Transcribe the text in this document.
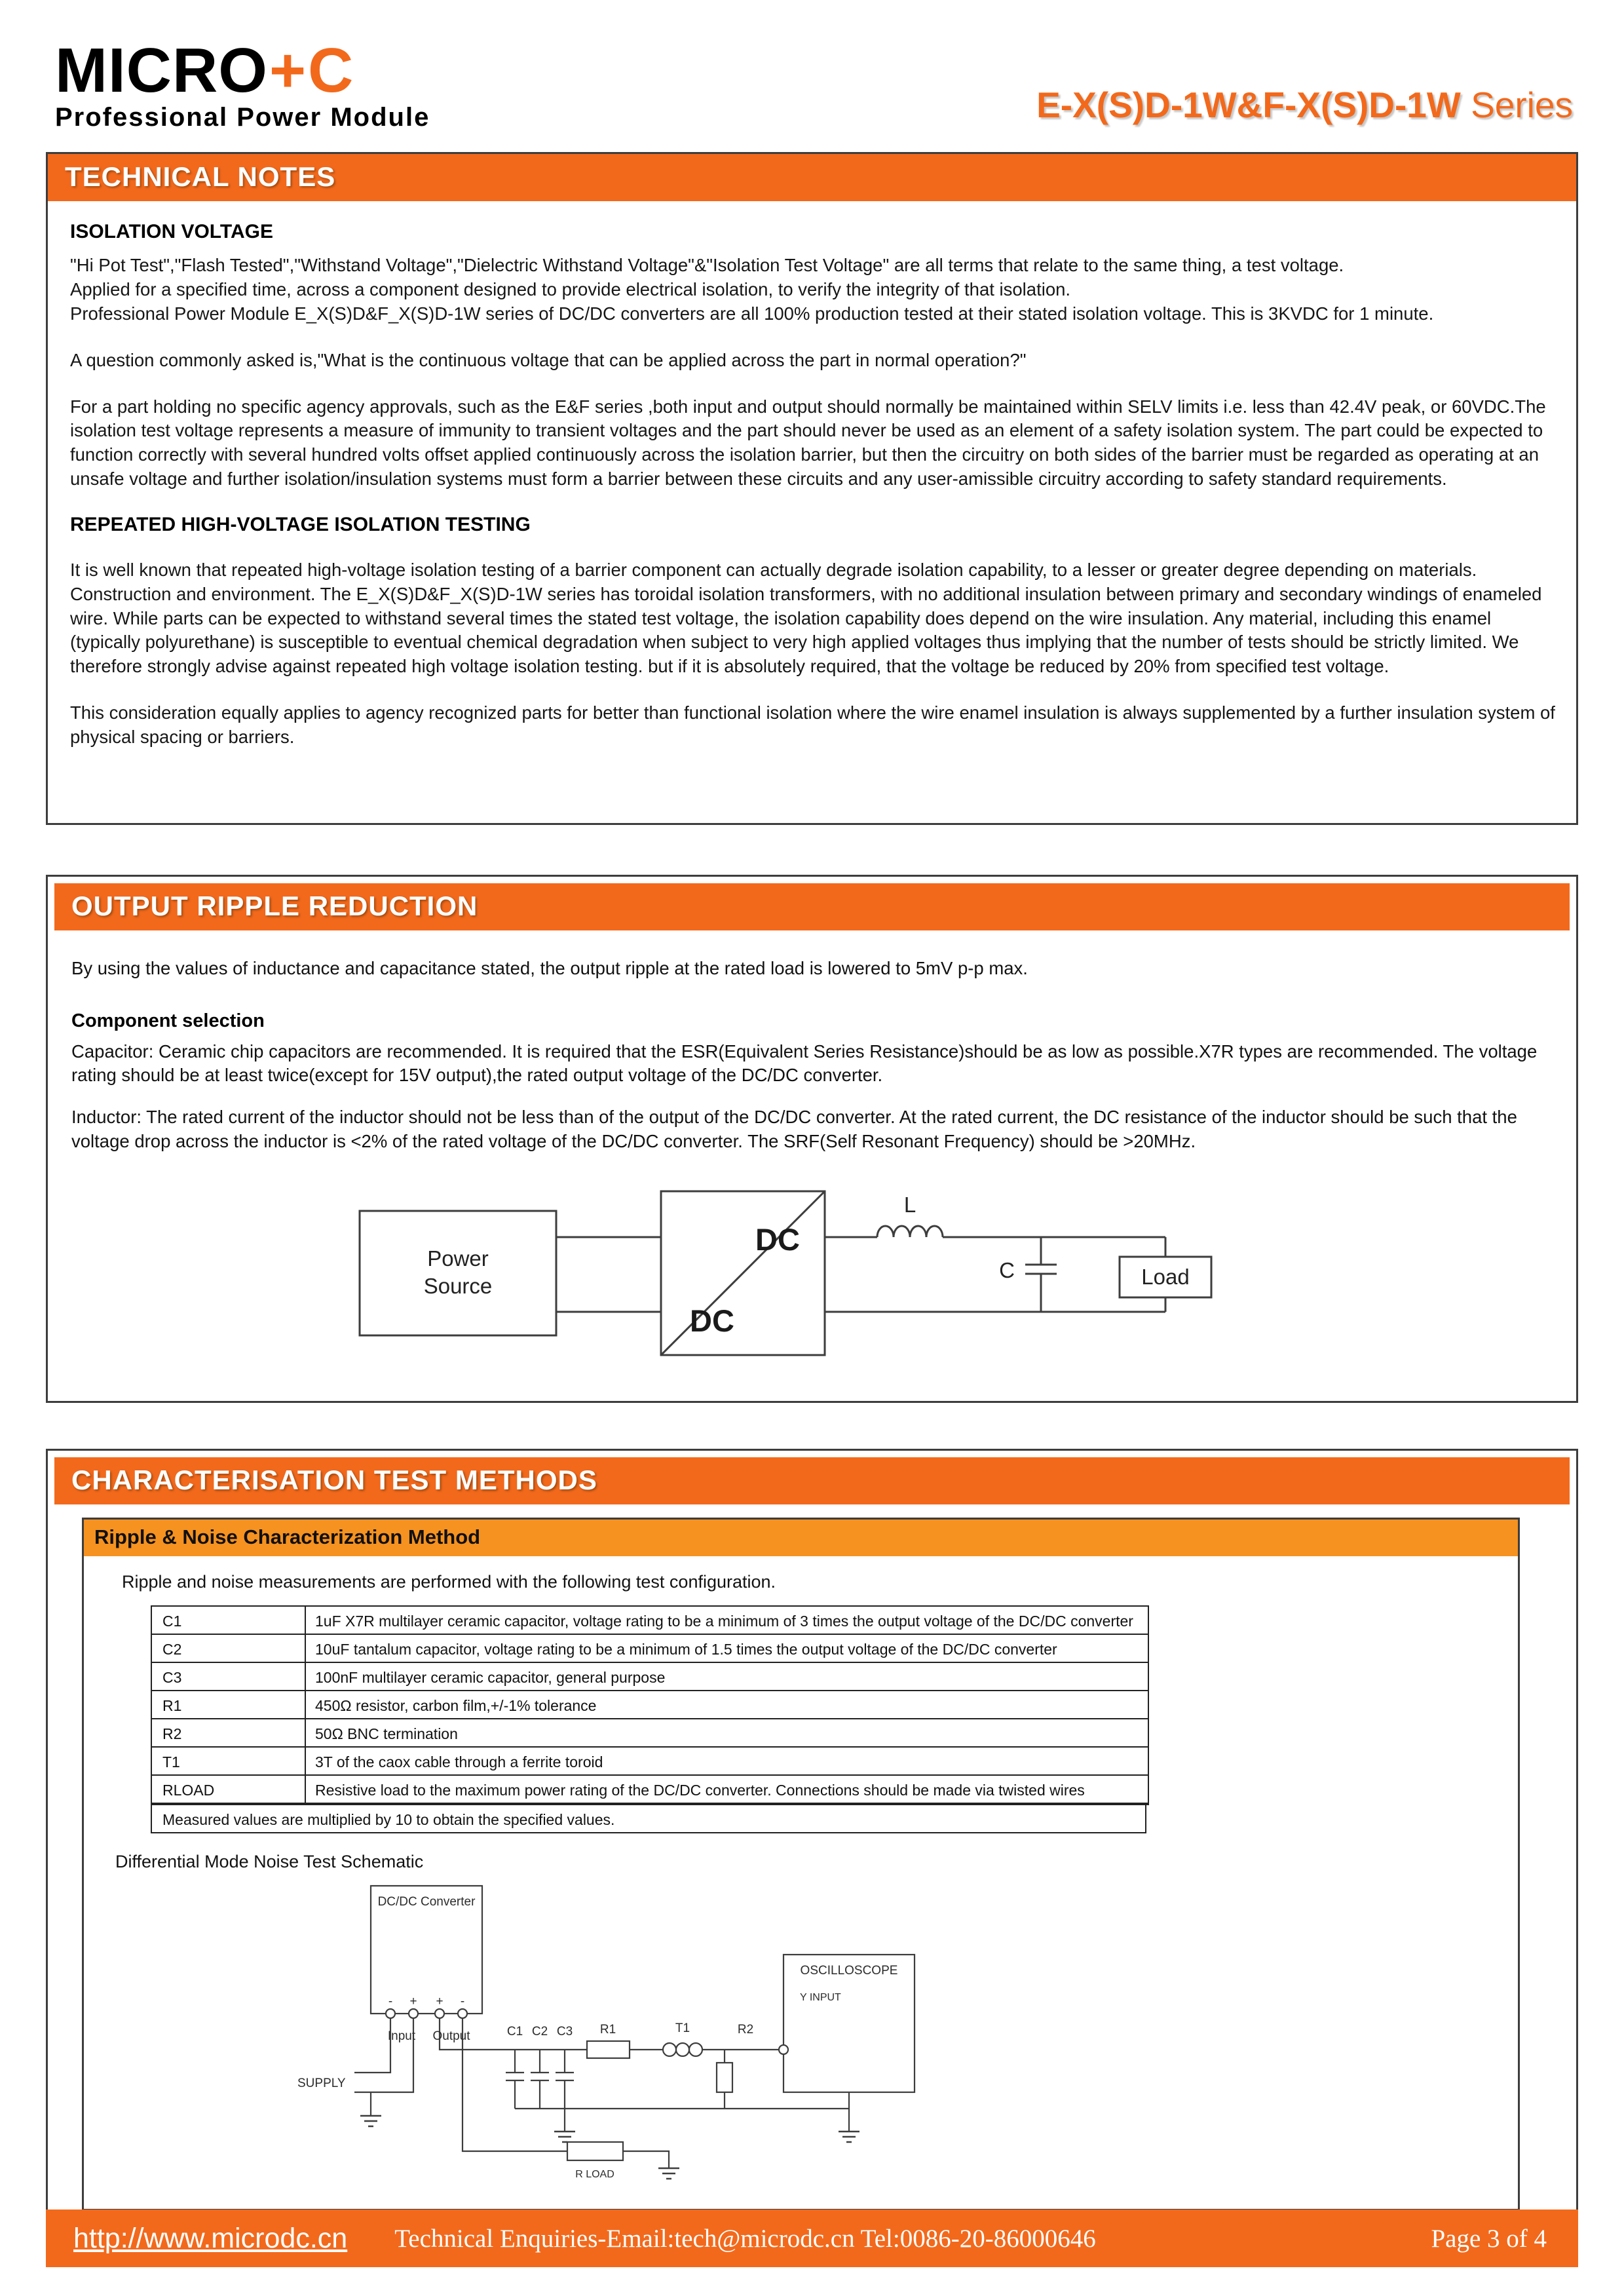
MICRO+C
Professional Power Module	E-X(S)D-1W&F-X(S)D-1W Series
TECHNICAL NOTES
ISOLATION VOLTAGE
"Hi Pot Test","Flash Tested","Withstand Voltage","Dielectric Withstand Voltage"&"Isolation Test Voltage" are all terms that relate to the same thing, a test voltage.
Applied for a specified time, across a component designed to provide electrical isolation, to verify the integrity of that isolation.
Professional Power Module E_X(S)D&F_X(S)D-1W series of DC/DC converters are all 100% production tested at their stated isolation voltage. This is 3KVDC for 1 minute.

A question commonly asked is,"What is the continuous voltage that can be applied across the part in normal operation?"

For a part holding no specific agency approvals, such as the E&F series ,both input and output should normally be maintained within SELV limits i.e. less than 42.4V peak, or 60VDC.The isolation test voltage represents a measure of immunity to transient voltages and the part should never be used as an element of a safety isolation system. The part could be expected to function correctly with several hundred volts offset applied continuously across the isolation barrier, but then the circuitry on both sides of the barrier must be regarded as operating at an unsafe voltage and further isolation/insulation systems must form a barrier between these circuits and any user-amissible circuitry according to safety standard requirements.

REPEATED HIGH-VOLTAGE ISOLATION TESTING

It is well known that repeated high-voltage isolation testing of a barrier component can actually degrade isolation capability, to a lesser or greater degree depending on materials. Construction and environment. The E_X(S)D&F_X(S)D-1W series has toroidal isolation transformers, with no additional insulation between primary and secondary windings of enameled wire. While parts can be expected to withstand several times the stated test voltage, the isolation capability does depend on the wire insulation. Any material, including this enamel (typically polyurethane) is susceptible to eventual chemical degradation when subject to very high applied voltages thus implying that the number of tests should be strictly limited. We therefore strongly advise against repeated high voltage isolation testing. but if it is absolutely required, that the voltage be reduced by 20% from specified test voltage.

This consideration equally applies to agency recognized parts for better than functional isolation where the wire enamel insulation is always supplemented by a further insulation system of physical spacing or barriers.

OUTPUT RIPPLE REDUCTION

By using the values of inductance and capacitance stated, the output ripple at the rated load is lowered to 5mV p-p max.

Component selection

Capacitor: Ceramic chip capacitors are recommended. It is required that the ESR(Equivalent Series Resistance)should be as low as possible.X7R types are recommended. The voltage rating should be at least twice(except for 15V output),the rated output voltage of the DC/DC converter.

Inductor: The rated current of the inductor should not be less than of the output of the DC/DC converter. At the rated current, the DC resistance of the inductor should be such that the voltage drop across the inductor is <2% of the rated voltage of the DC/DC converter. The SRF(Self Resonant Frequency) should be >20MHz.

Power
Source
DC
DC
L
C	Load
CHARACTERISATION TEST METHODS
Ripple & Noise Characterization Method

Ripple and noise measurements are performed with the following test configuration.

C1	1uF X7R multilayer ceramic capacitor, voltage rating to be a minimum of 3 times the output voltage of the DC/DC converter
C2	10uF tantalum capacitor, voltage rating to be a minimum of 1.5 times the output voltage of the DC/DC converter
C3	100nF multilayer ceramic capacitor, general purpose
R1	450Ω resistor, carbon film,+/-1% tolerance
R2	50Ω BNC termination
T1	3T of the caox cable through a ferrite toroid
RLOAD	Resistive load to the maximum power rating of the DC/DC converter. Connections should be made via twisted wires
Measured values are multiplied by 10 to obtain the specified values.

Differential Mode Noise Test Schematic

DC/DC Converter
- + + -
Input Output
SUPPLY
C1 C2 C3 R1	T1	R2
OSCILLOSCOPE
Y INPUT
R LOAD
http://www.microdc.cn Technical Enquiries-Email:tech@microdc.cn Tel:0086-20-86000646	Page 3 of 4
